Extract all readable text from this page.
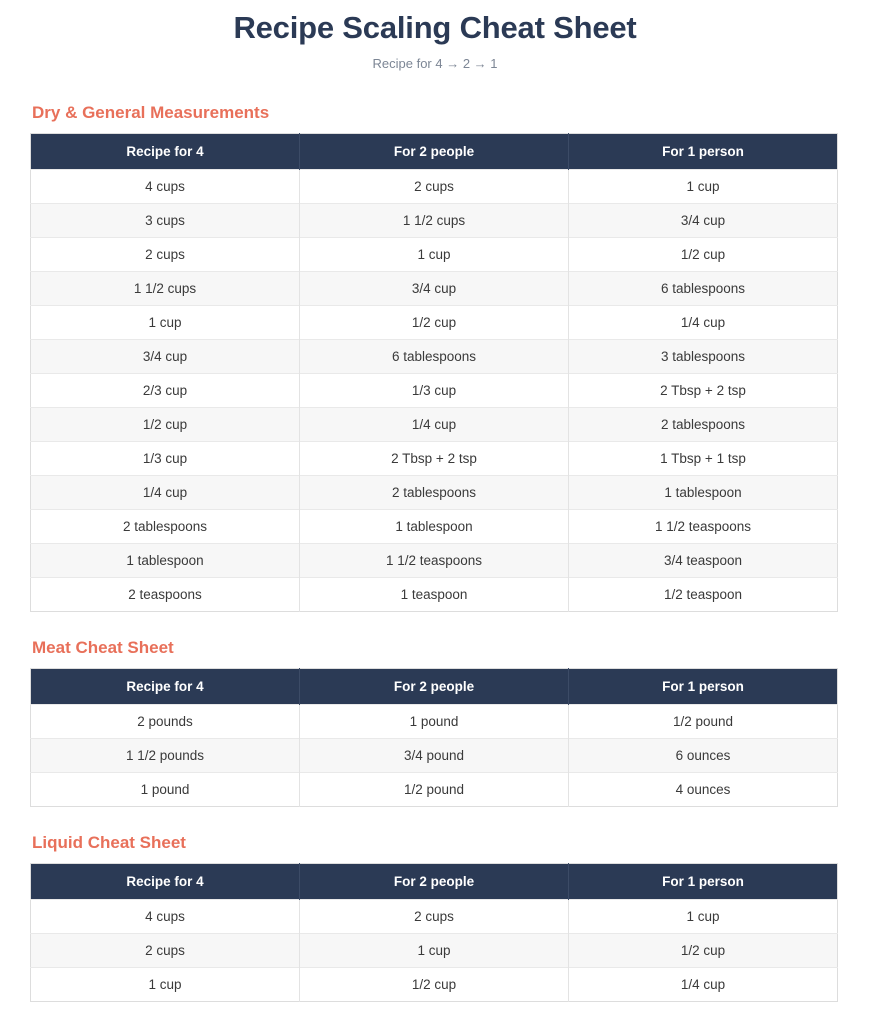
Recipe Scaling Cheat Sheet

Recipe for 4 → 2 → 1

Dry & General Measurements
Recipe for 4	For 2 people	For 1 person
4 cups	2 cups	1 cup
3 cups	1 1/2 cups	3/4 cup
2 cups	1 cup	1/2 cup
1 1/2 cups	3/4 cup	6 tablespoons
1 cup	1/2 cup	1/4 cup
3/4 cup	6 tablespoons	3 tablespoons
2/3 cup	1/3 cup	2 Tbsp + 2 tsp
1/2 cup	1/4 cup	2 tablespoons
1/3 cup	2 Tbsp + 2 tsp	1 Tbsp + 1 tsp
1/4 cup	2 tablespoons	1 tablespoon
2 tablespoons	1 tablespoon	1 1/2 teaspoons
1 tablespoon	1 1/2 teaspoons	3/4 teaspoon
2 teaspoons	1 teaspoon	1/2 teaspoon
Meat Cheat Sheet
Recipe for 4	For 2 people	For 1 person
2 pounds	1 pound	1/2 pound
1 1/2 pounds	3/4 pound	6 ounces
1 pound	1/2 pound	4 ounces
Liquid Cheat Sheet
Recipe for 4	For 2 people	For 1 person
4 cups	2 cups	1 cup
2 cups	1 cup	1/2 cup
1 cup	1/2 cup	1/4 cup
